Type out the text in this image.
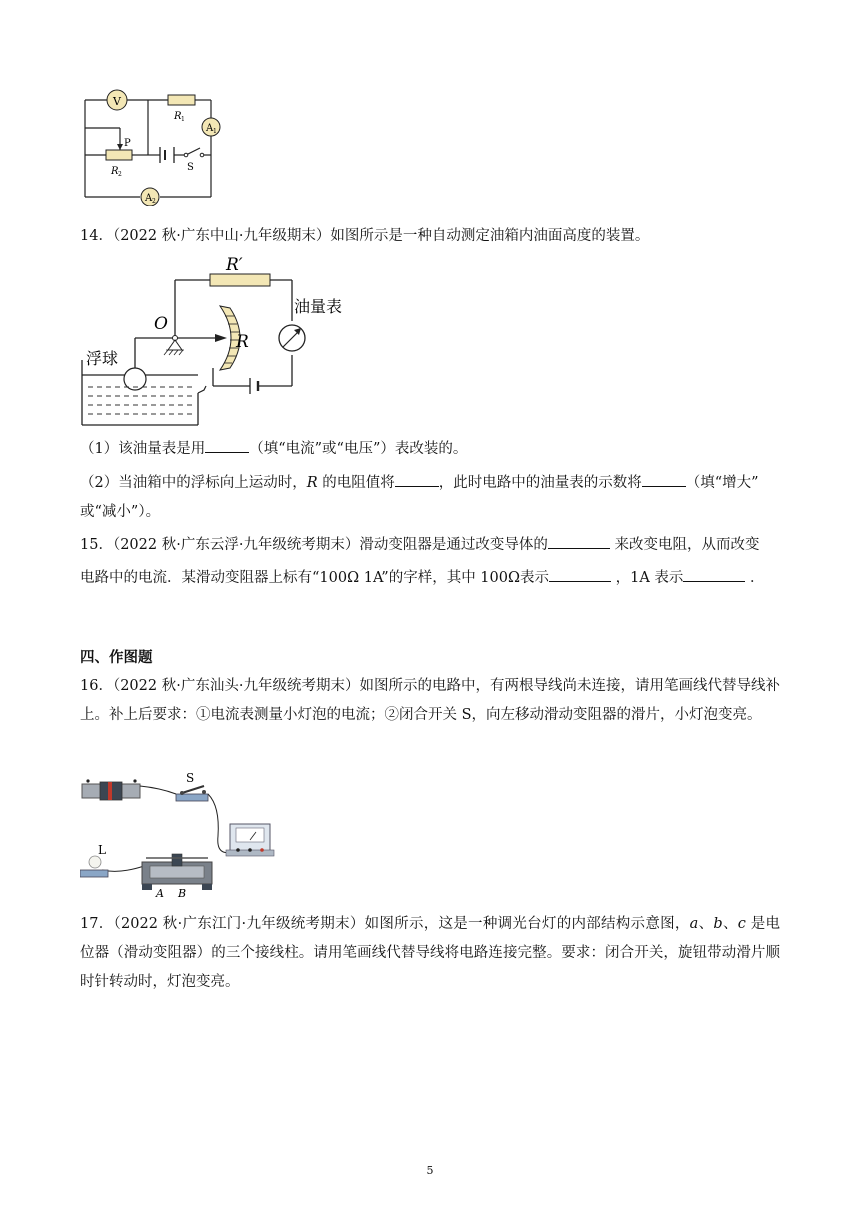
V
A 1
A 2
R 1
P
R 2
S
14．（2022 秋·广东中山·九年级期末）如图所示是一种自动测定油箱内油面高度的装置。
R′
O
R
油量表
浮球
（1）该油量表是用	（填“电流”或“电压”）表改装的。
（2）当油箱中的浮标向上运动时，R 的电阻值将	，此时电路中的油量表的示数将	（填“增大”
或“减小”）。
15．（2022 秋·广东云浮·九年级统考期末）滑动变阻器是通过改变导体的	来改变电阻，从而改变
电路中的电流．某滑动变阻器上标有“100Ω 1A”的字样，其中 100Ω表示	，1A 表示	．
四、作图题
16．（2022 秋·广东汕头·九年级统考期末）如图所示的电路中，有两根导线尚未连接，请用笔画线代替导线补上。补上后要求：①电流表测量小灯泡的电流；②闭合开关 S，向左移动滑动变阻器的滑片，小灯泡变亮。
S
L
A B
17．（2022 秋·广东江门·九年级统考期末）如图所示，这是一种调光台灯的内部结构示意图，a、b、c 是电位器（滑动变阻器）的三个接线柱。请用笔画线代替导线将电路连接完整。要求：闭合开关，旋钮带动滑片顺时针转动时，灯泡变亮。
5
